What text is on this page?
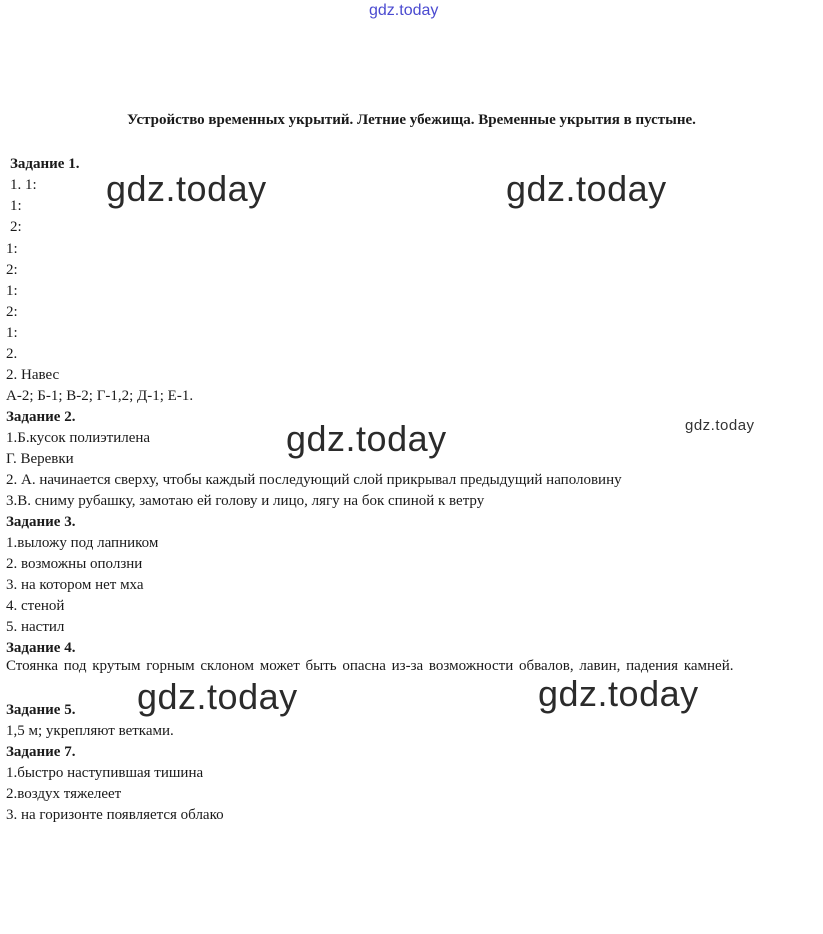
gdz.today
Устройство временных укрытий. Летние убежища. Временные укрытия в пустыне.
Задание 1.
1. 1:
1:
2:
1:
2:
1:
2:
1:
2.
2. Навес
А-2; Б-1; В-2; Г-1,2; Д-1; Е-1.
Задание 2.
1.Б.кусок полиэтилена
Г. Веревки
2. А. начинается сверху, чтобы каждый последующий слой прикрывал предыдущий наполовину
3.В. сниму рубашку, замотаю ей голову и лицо, лягу на бок спиной к ветру
Задание 3.
1.выложу под лапником
2. возможны оползни
3. на котором нет мха
4. стеной
5. настил
Задание 4.
Стоянка под крутым горным склоном может быть опасна из-за возможности обвалов, лавин, падения камней.
Задание 5.
1,5 м; укрепляют ветками.
Задание 7.
1.быстро наступившая тишина
2.воздух тяжелеет
3. на горизонте появляется облако
gdz.today	gdz.today
gdz.today	gdz.today
gdz.today	gdz.today
